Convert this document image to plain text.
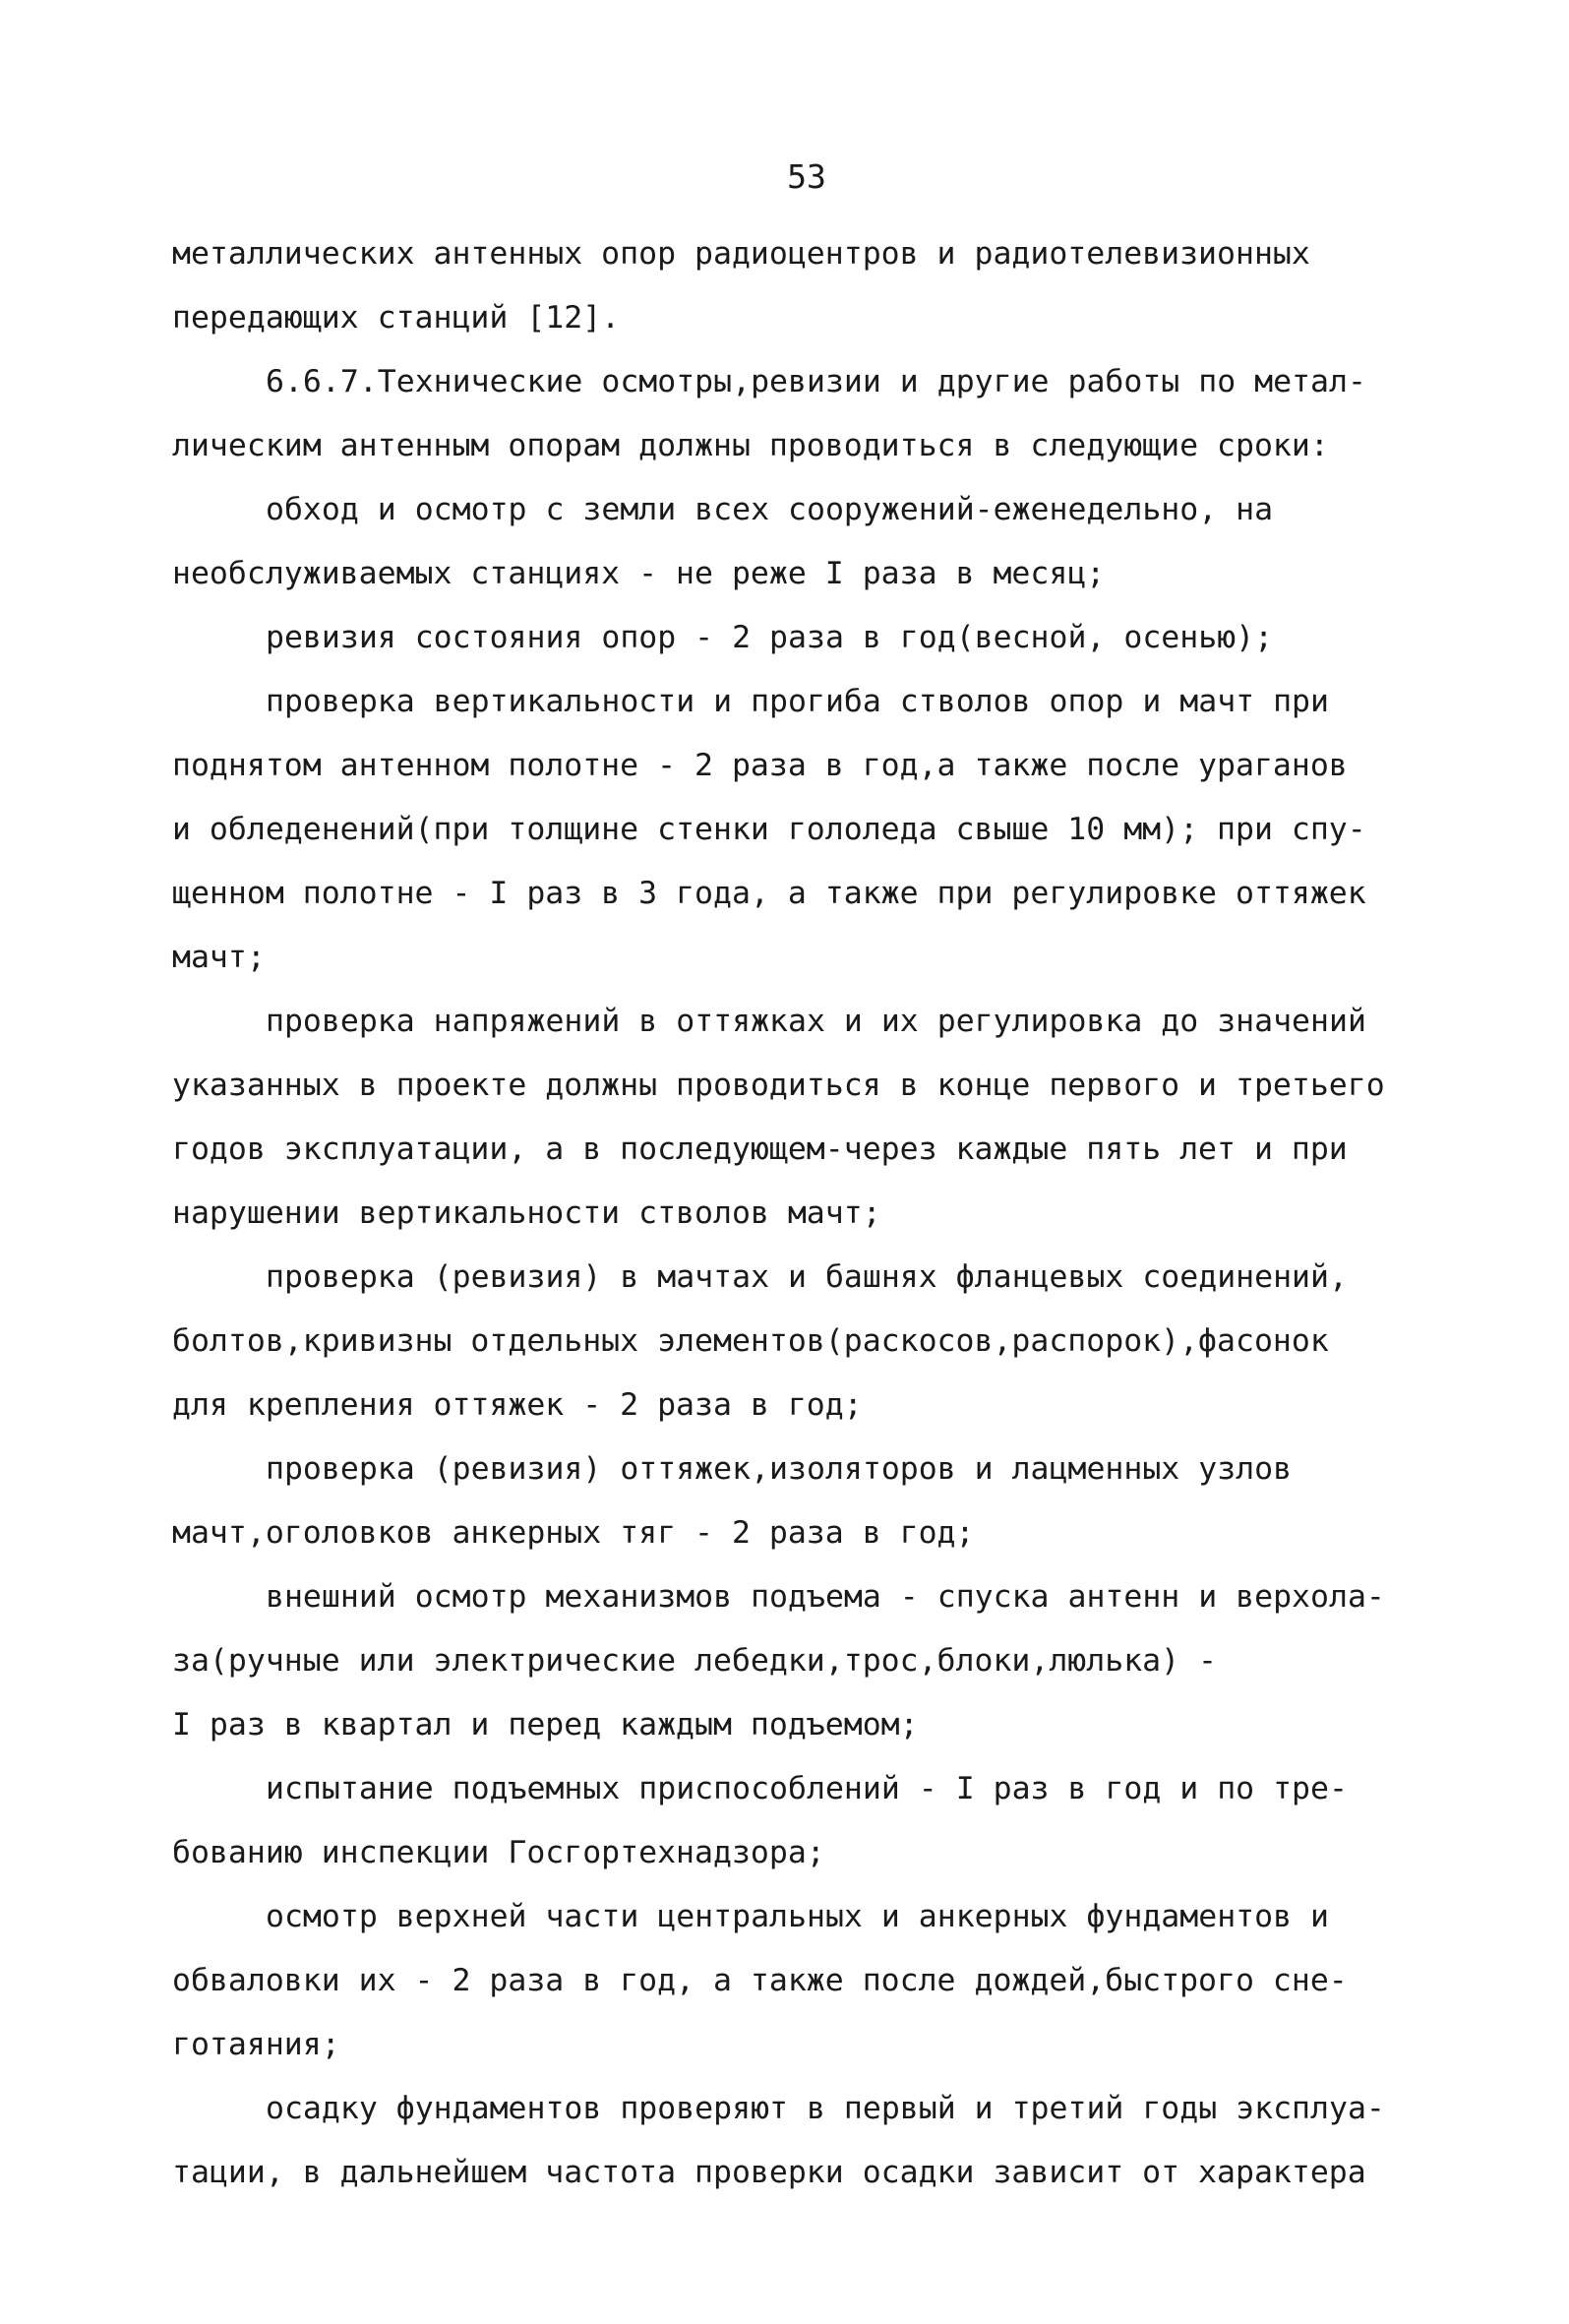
53
металлических антенных опор радиоцентров и радиотелевизионных
передающих станций [12].
6.6.7.Технические осмотры,ревизии и другие работы по метал-
лическим антенным опорам должны проводиться в следующие сроки:
обход и осмотр с земли всех сооружений-еженедельно, на
необслуживаемых станциях - не реже I раза в месяц;
ревизия состояния опор - 2 раза в год(весной, осенью);
проверка вертикальности и прогиба стволов опор и мачт при
поднятом антенном полотне - 2 раза в год,а также после ураганов
и обледенений(при толщине стенки гололеда свыше 10 мм); при спу-
щенном полотне - I раз в 3 года, а также при регулировке оттяжек
мачт;
проверка напряжений в оттяжках и их регулировка до значений
указанных в проекте должны проводиться в конце первого и третьего
годов эксплуатации, а в последующем-через каждые пять лет и при
нарушении вертикальности стволов мачт;
проверка (ревизия) в мачтах и башнях фланцевых соединений,
болтов,кривизны отдельных элементов(раскосов,распорок),фасонок
для крепления оттяжек - 2 раза в год;
проверка (ревизия) оттяжек,изоляторов и лацменных узлов
мачт,оголовков анкерных тяг - 2 раза в год;
внешний осмотр механизмов подъема - спуска антенн и верхола-
за(ручные или электрические лебедки,трос,блоки,люлька) -
I раз в квартал и перед каждым подъемом;
испытание подъемных приспособлений - I раз в год и по тре-
бованию инспекции Госгортехнадзора;
осмотр верхней части центральных и анкерных фундаментов и
обваловки их - 2 раза в год, а также после дождей,быстрого сне-
готаяния;
осадку фундаментов проверяют в первый и третий годы эксплуа-
тации, в дальнейшем частота проверки осадки зависит от характера
